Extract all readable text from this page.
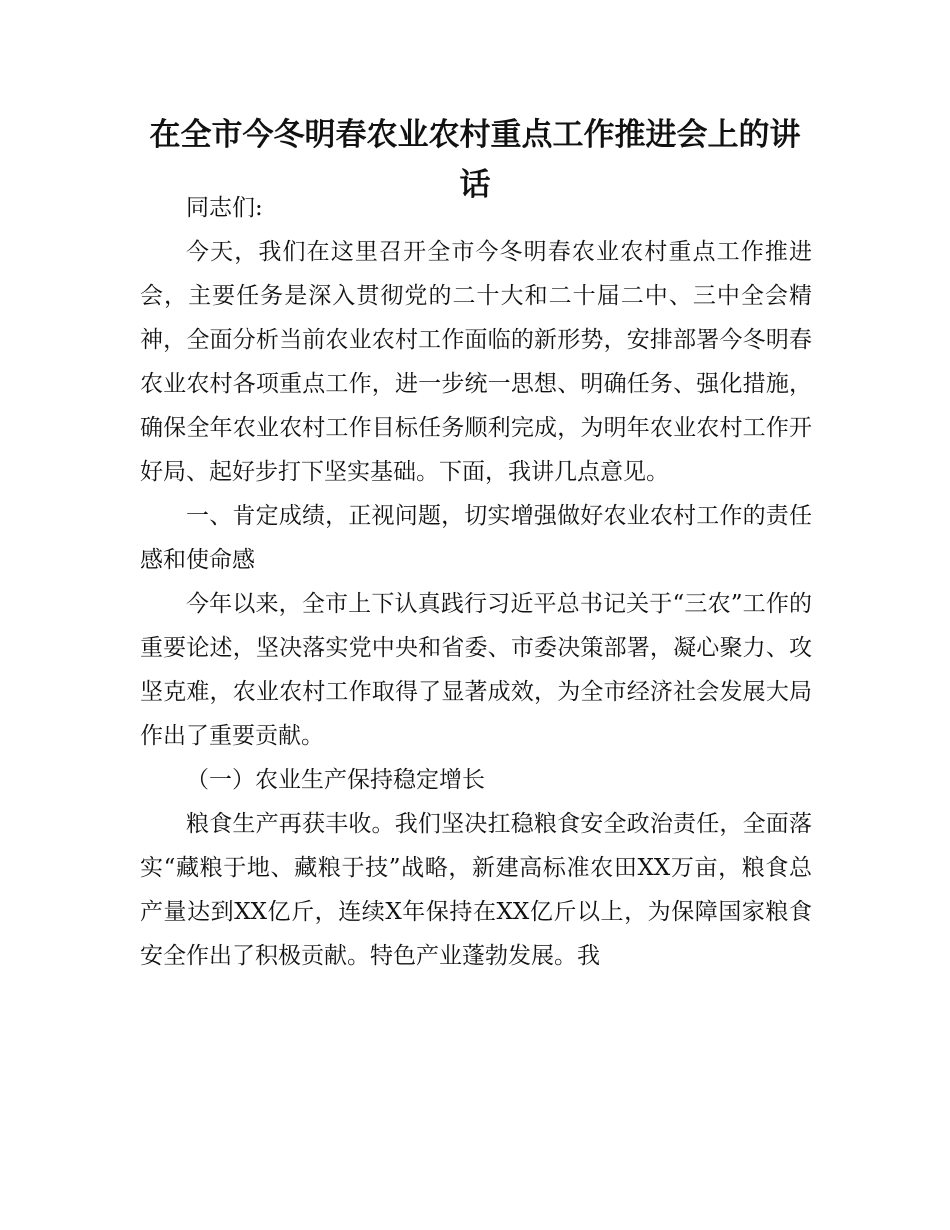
在全市今冬明春农业农村重点工作推进会上的讲话

同志们:

今天，我们在这里召开全市今冬明春农业农村重点工作推进会，主要任务是深入贯彻党的二十大和二十届二中、三中全会精神，全面分析当前农业农村工作面临的新形势，安排部署今冬明春农业农村各项重点工作，进一步统一思想、明确任务、强化措施，确保全年农业农村工作目标任务顺利完成，为明年农业农村工作开好局、起好步打下坚实基础。下面，我讲几点意见。

一、肯定成绩，正视问题，切实增强做好农业农村工作的责任感和使命感

今年以来，全市上下认真践行习近平总书记关于“三农”工作的重要论述，坚决落实党中央和省委、市委决策部署，凝心聚力、攻坚克难，农业农村工作取得了显著成效，为全市经济社会发展大局作出了重要贡献。

（一）农业生产保持稳定增长

粮食生产再获丰收。我们坚决扛稳粮食安全政治责任，全面落实“藏粮于地、藏粮于技”战略，新建高标准农田XX万亩，粮食总产量达到XX亿斤，连续X年保持在XX亿斤以上，为保障国家粮食安全作出了积极贡献。特色产业蓬勃发展。我
